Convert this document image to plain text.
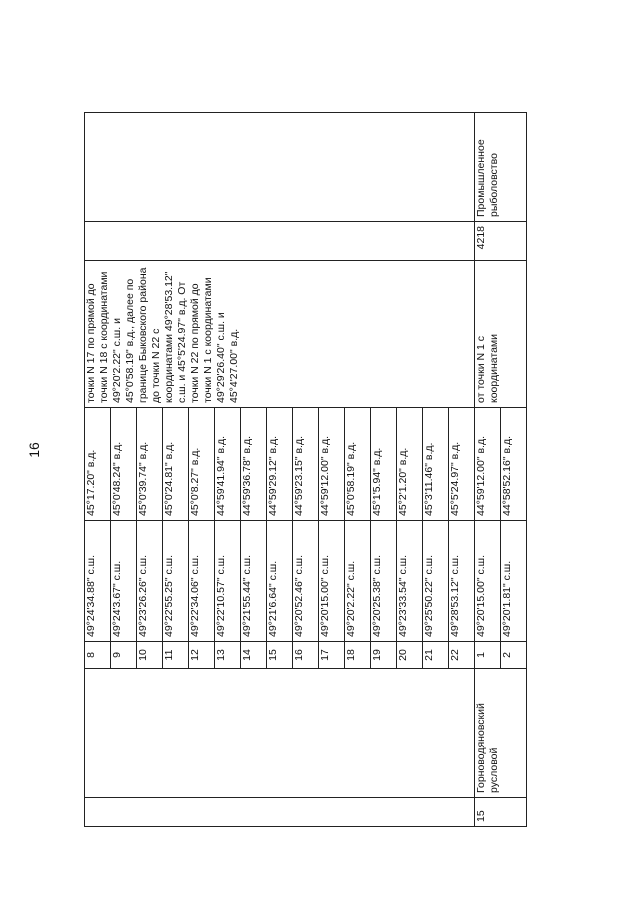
16
		8	49°24'34.88" с.ш.	45°17.20" в.д.	точки N 17 по прямой до точки N 18 с координатами 49°20'2.22" с.ш. и 45°0'58.19" в.д., далее по границе Быковского района до точки N 22 с координатами 49°28'53.12" с.ш. и 45°5'24.97" в.д. От точки N 22 по прямой до точки N 1 с координатами 49°29'26.40" с.ш. и 45°4'27.00" в.д.		
		9	49°24'3.67" с.ш.	45°0'48.24" в.д.			
		10	49°23'26.26" с.ш.	45°0'39.74" в.д.			
		11	49°22'55.25" с.ш.	45°0'24.81" в.д.			
		12	49°22'34.06" с.ш.	45°0'8.27" в.д.			
		13	49°22'10.57" с.ш.	44°59'41.94" в.д.			
		14	49°21'55.44" с.ш.	44°59'36.78" в.д.			
		15	49°21'6.64" с.ш.	44°59'29.12" в.д.			
		16	49°20'52.46" с.ш.	44°59'23.15" в.д.			
		17	49°20'15.00" с.ш.	44°59'12.00" в.д.			
		18	49°20'2.22" с.ш.	45°0'58.19" в.д.			
		19	49°20'25.38" с.ш.	45°1'5.94" в.д.			
		20	49°23'33.54" с.ш.	45°2'1.20" в.д.			
		21	49°25'50.22" с.ш.	45°3'11.46" в.д.			
		22	49°28'53.12" с.ш.	45°5'24.97" в.д.			
15	Горноводяновский русловой	1	49°20'15.00" с.ш.	44°59'12.00" в.д.	от точки N 1 с координатами	4218	Промышленное рыболовство
		2	49°20'1.81" с.ш.	44°58'52.16" в.д.			
